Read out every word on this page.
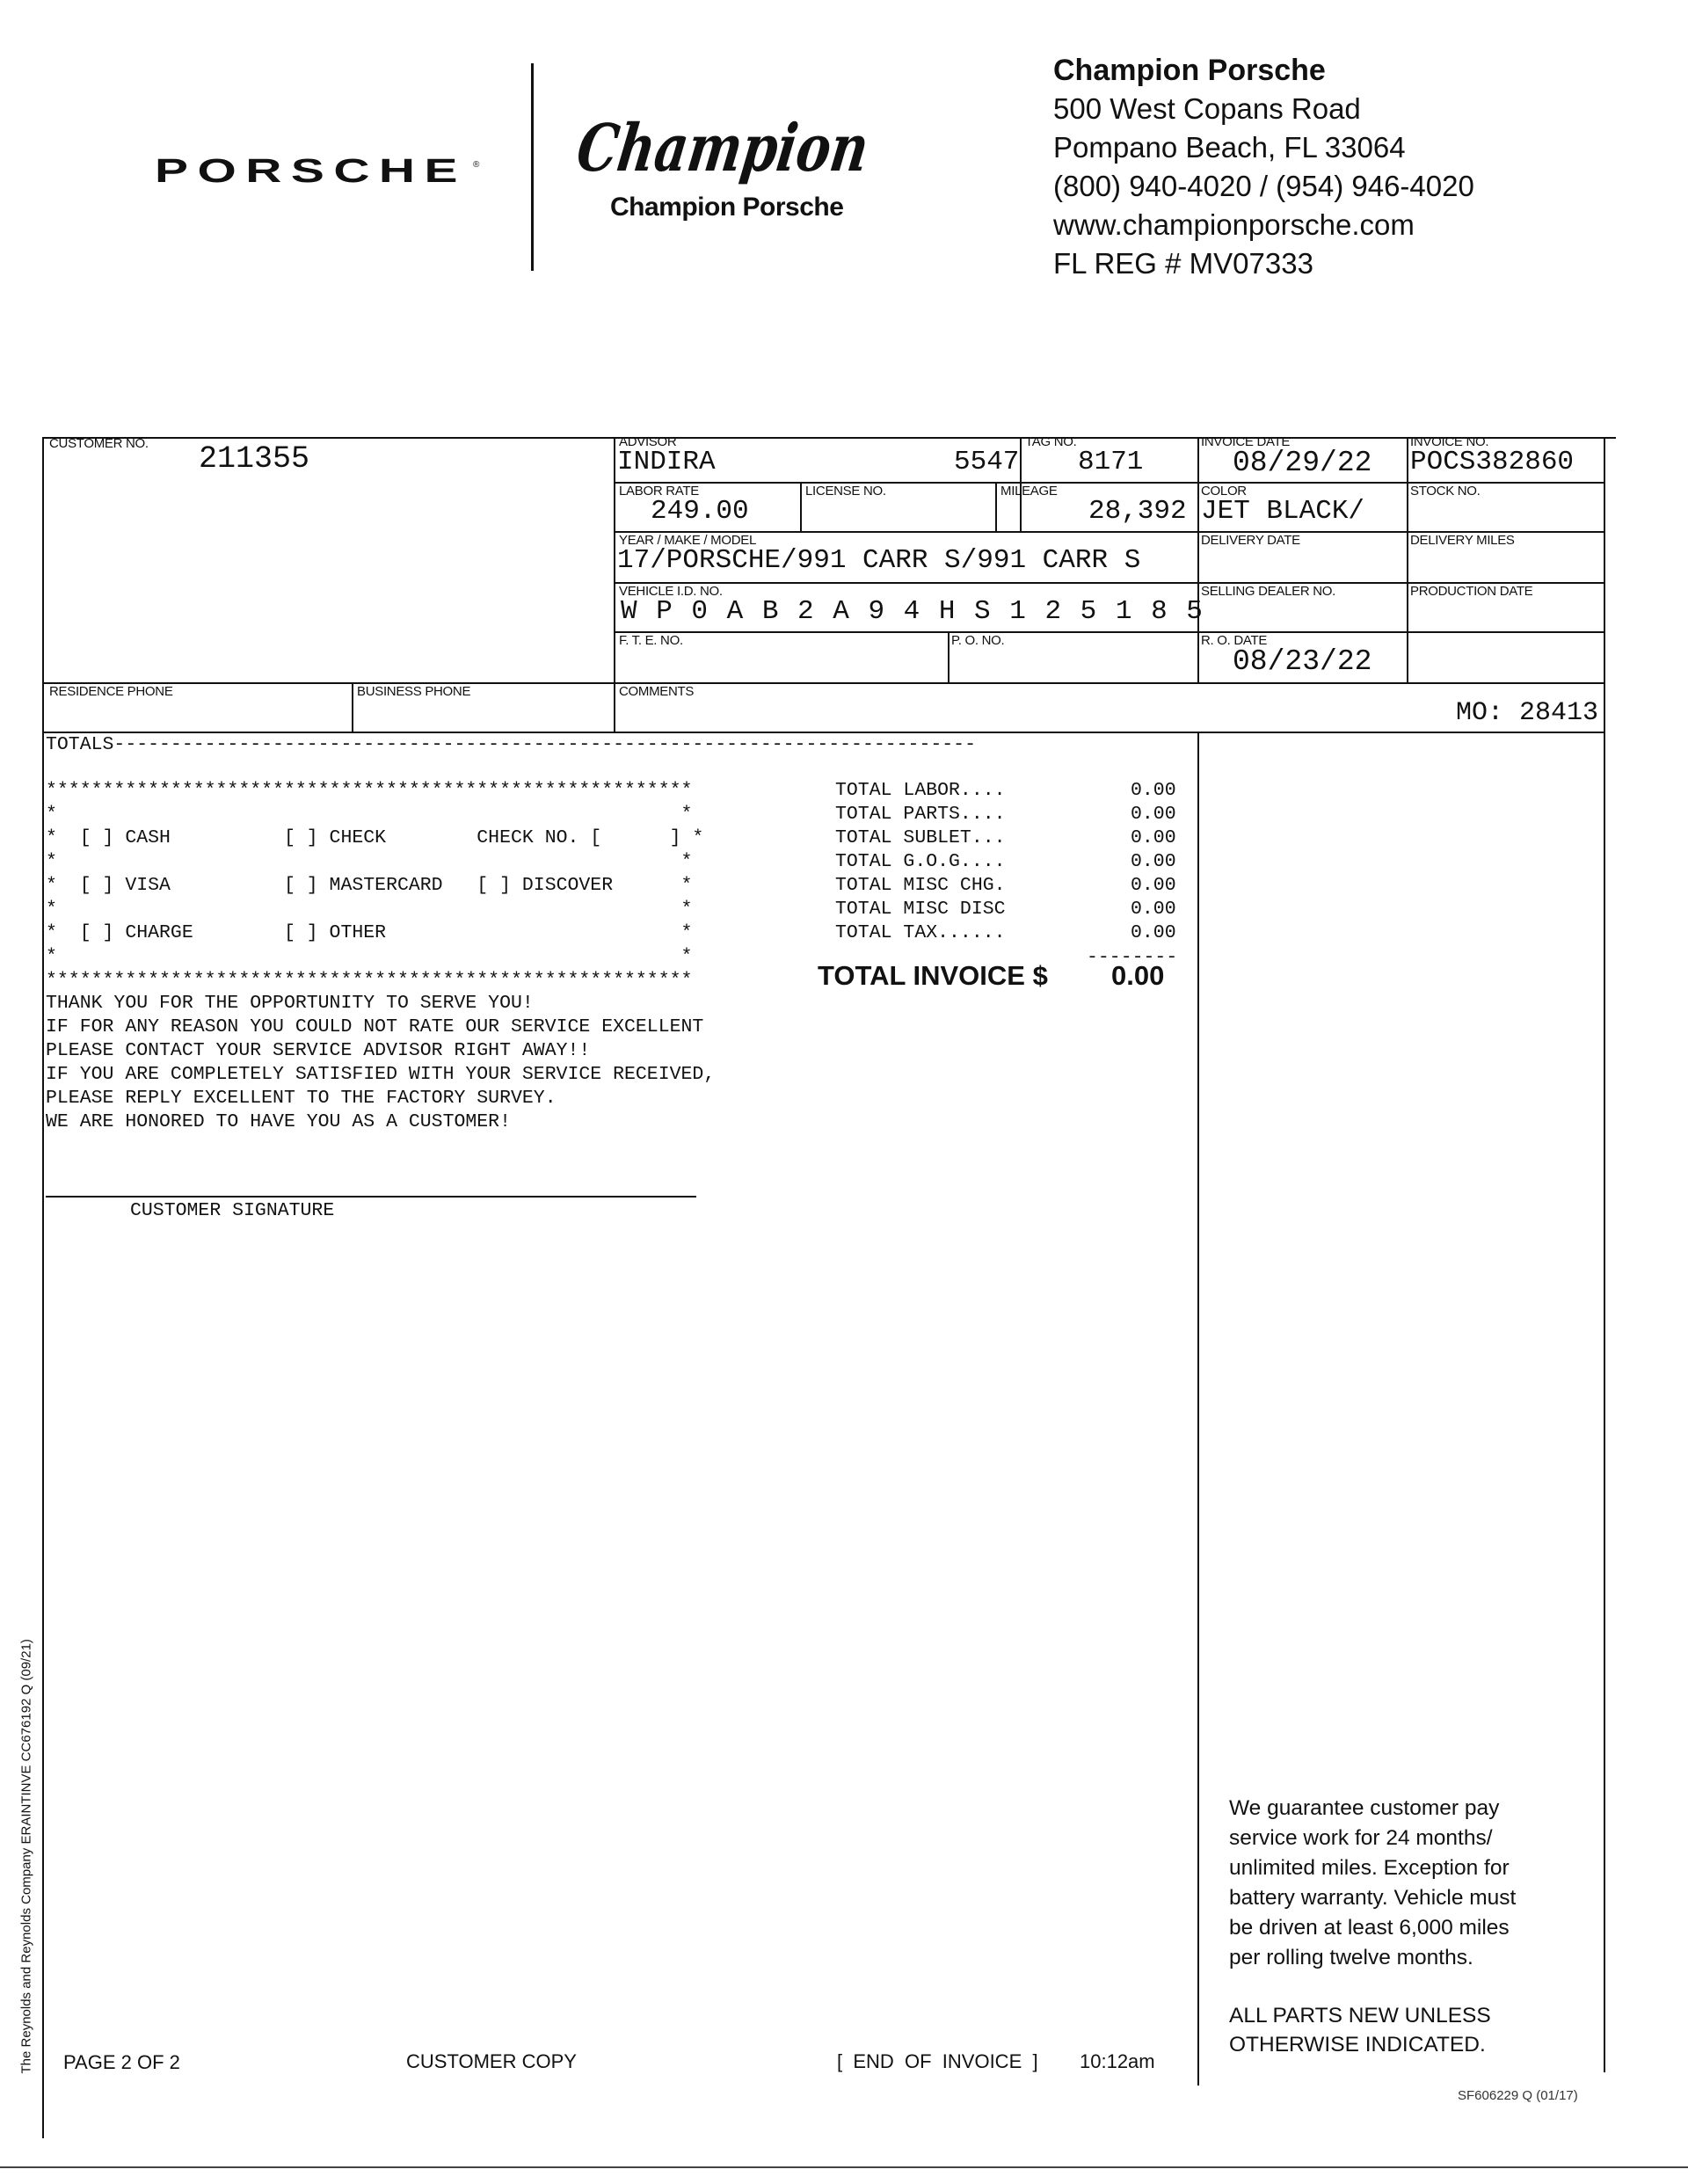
PORSCHE ® Champion
Champion Porsche
Champion Porsche
500 West Copans Road
Pompano Beach, FL 33064
(800) 940-4020 / (954) 946-4020
www.championporsche.com
FL REG # MV07333
CUSTOMER NO. 211355	ADVISOR
INDIRA	5547
TAG NO.
8171
INVOICE DATE
08/29/22
INVOICE NO.
POCS382860
LABOR RATE
249.00
LICENSE NO.	MILEAGE
28,392
COLOR
JET BLACK/
STOCK NO.
YEAR / MAKE / MODEL
17/PORSCHE/991 CARR S/991 CARR S
DELIVERY DATE	DELIVERY MILES
VEHICLE I.D. NO.
W P 0 A B 2 A 9 4 H S 1 2 5 1 8 5
SELLING DEALER NO.	PRODUCTION DATE
F. T. E. NO.	P. O. NO.	R. O. DATE
08/23/22
RESIDENCE PHONE	BUSINESS PHONE	COMMENTS
MO: 28413
TOTALS----------------------------------------------------------------------------
*********************************************************
*                                                       *
*  [ ] CASH          [ ] CHECK        CHECK NO. [      ] *
*                                                       *
*  [ ] VISA          [ ] MASTERCARD   [ ] DISCOVER      *
*                                                       *
*  [ ] CHARGE        [ ] OTHER                          *
*                                                       *
*********************************************************
THANK YOU FOR THE OPPORTUNITY TO SERVE YOU!
IF FOR ANY REASON YOU COULD NOT RATE OUR SERVICE EXCELLENT
PLEASE CONTACT YOUR SERVICE ADVISOR RIGHT AWAY!!
IF YOU ARE COMPLETELY SATISFIED WITH YOUR SERVICE RECEIVED,
PLEASE REPLY EXCELLENT TO THE FACTORY SURVEY.
WE ARE HONORED TO HAVE YOU AS A CUSTOMER!
CUSTOMER SIGNATURE
TOTAL LABOR....	0.00
TOTAL PARTS....	0.00
TOTAL SUBLET...	0.00
TOTAL G.O.G....	0.00
TOTAL MISC CHG.	0.00
TOTAL MISC DISC	0.00
TOTAL TAX......	0.00
--------
TOTAL INVOICE $ 0.00
We guarantee customer pay
service work for 24 months/
unlimited miles. Exception for
battery warranty. Vehicle must
be driven at least 6,000 miles
per rolling twelve months.
ALL PARTS NEW UNLESS
OTHERWISE INDICATED.
The Reynolds and Reynolds Company ERAINTINVE CC676192 Q (09/21) PAGE 2 OF 2	CUSTOMER COPY	[  END  OF  INVOICE  ] 10:12am
SF606229 Q (01/17)
